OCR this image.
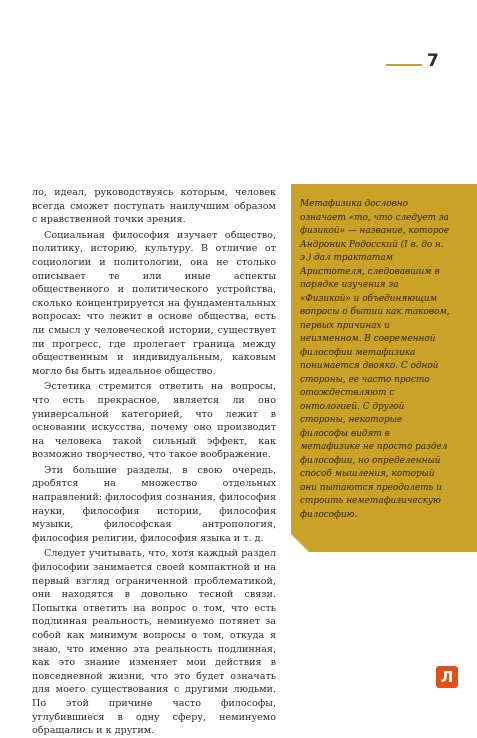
7

ло, идеал, руководствуясь которым, человек всегда сможет поступать наилучшим образом с нравственной точки зрения.

Социальная философия изучает общество, политику, историю, культуру. В отличие от социологии и политологии, она не столько описывает те или иные аспекты общественного и политического устройства, сколько концентрируется на фундаментальных вопросах: что лежит в основе общества, есть ли смысл у человеческой истории, существует ли прогресс, где пролегает граница между общественным и индивидуальным, каковым могло бы быть идеальное общество.

Эстетика стремится ответить на вопросы, что есть прекрасное, является ли оно универсальной категорией, что лежит в основании искусства, почему оно производит на человека такой сильный эффект, как возможно творчество, что такое воображение.

Эти большие разделы, в свою очередь, дробятся на множество отдельных направлений: философия сознания, философия науки, философия истории, философия музыки, философская антропология, философия религии, философия языка и т. д.

Следует учитывать, что, хотя каждый раздел философии занимается своей компактной и на первый взгляд ограниченной проблематикой, они находятся в довольно тесной связи. Попытка ответить на вопрос о том, что есть подлинная реальность, неминуемо потянет за собой как минимум вопросы о том, откуда я знаю, что именно эта реальность подлинная, как это знание изменяет мои действия в повседневной жизни, что это будет означать для моего существования с другими людьми. По этой причине часто философы, углубившиеся в одну сферу, неминуемо обращались и к другим.

Метафизика дословно означает «то, что следует за физикой» — название, которое Андроник Родосский (I в. до н. э.) дал трактатам Аристотеля, следовавшим в порядке изучения за «Физикой» и объединяющим вопросы о бытии как таковом, первых причинах и неизменном. В современной философии метафизика понимается двояко. С одной стороны, ее часто просто отождествляют с онтологией. С другой стороны, некоторые философы видят в метафизике не просто раздел философии, но определенный способ мышления, который они пытаются преодолеть и строить неметафизическую философию.
Л
